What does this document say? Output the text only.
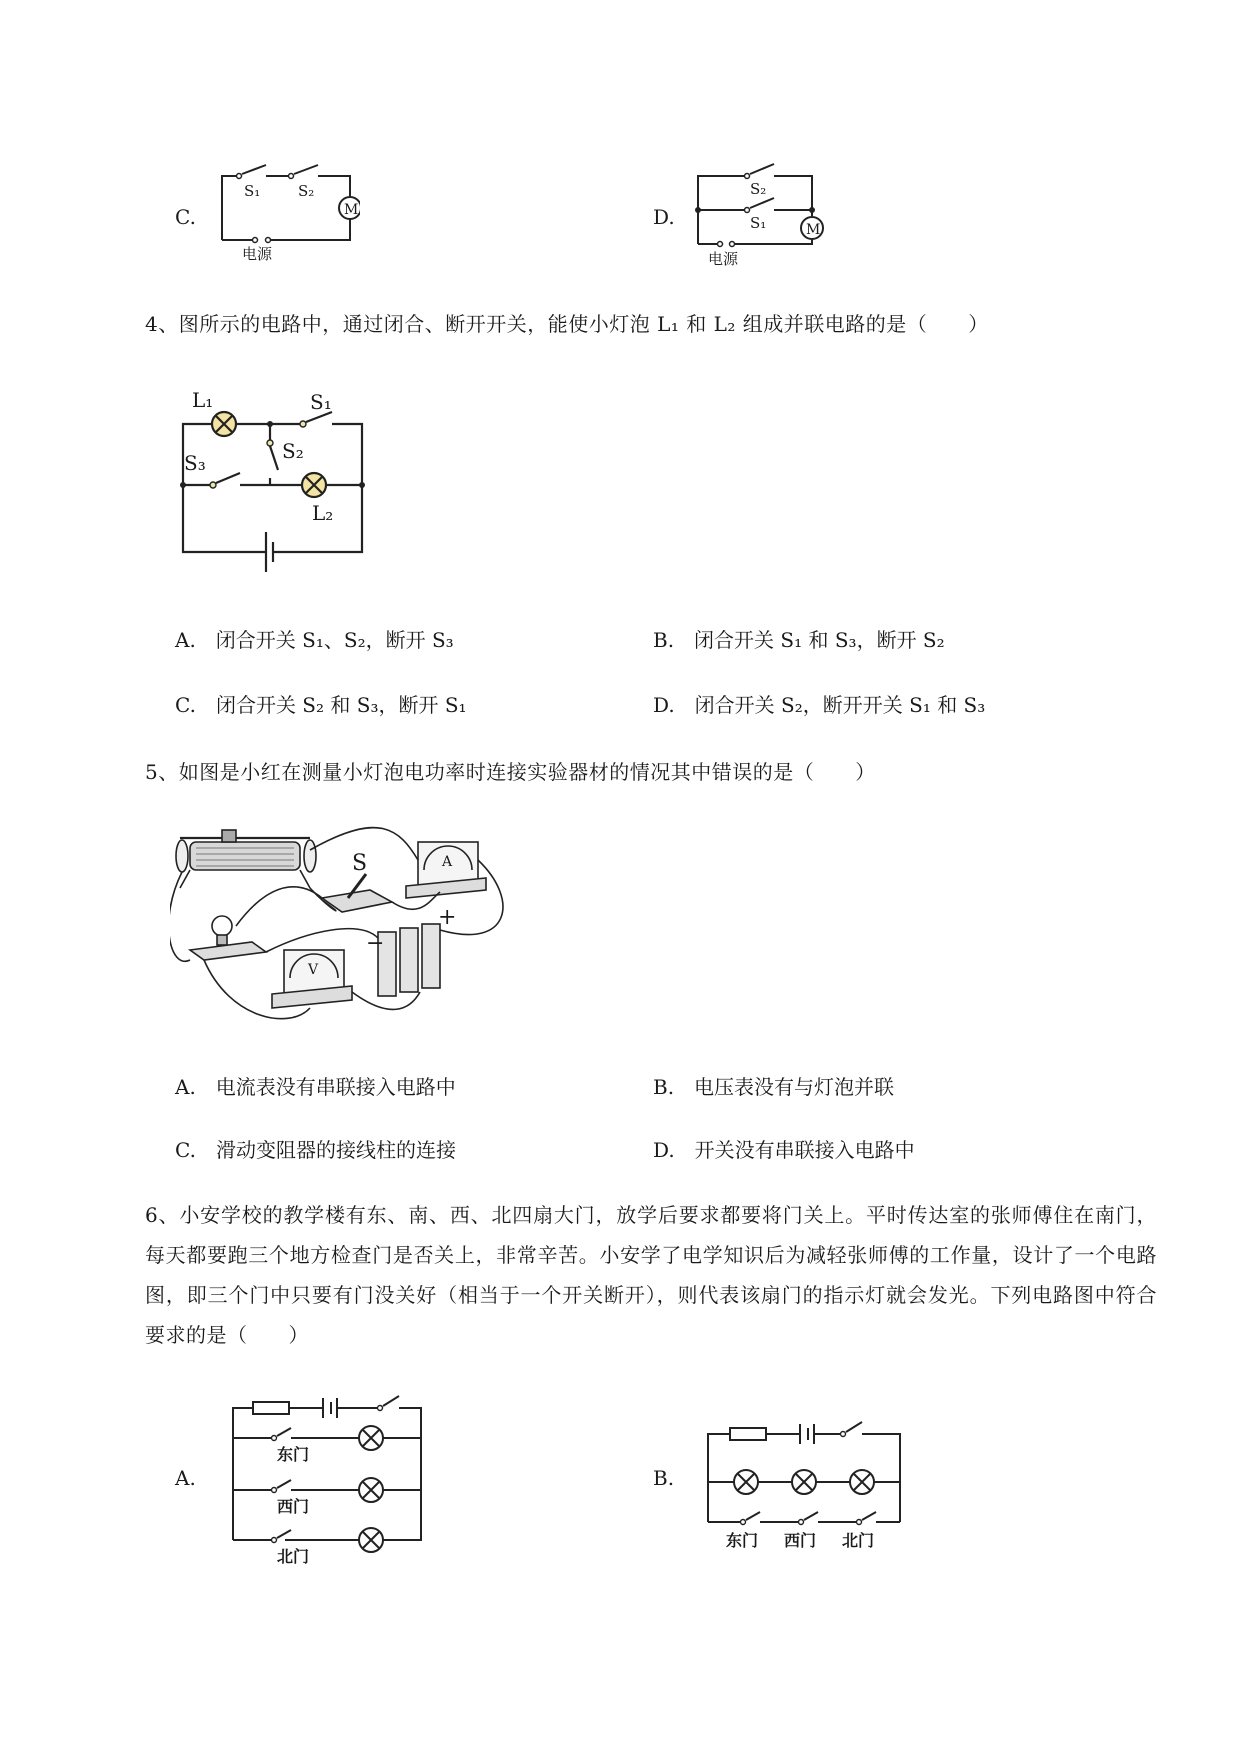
C.
S₁	S₂
M
电源
D.
S₂
S₁	M
电源
4、图所示的电路中，通过闭合、断开开关，能使小灯泡 L₁ 和 L₂ 组成并联电路的是（　　）
L₁	S₁
S₂
S₃
L₂
A.　闭合开关 S₁、S₂，断开 S₃	B.　闭合开关 S₁ 和 S₃，断开 S₂
C.　闭合开关 S₂ 和 S₃，断开 S₁	D.　闭合开关 S₂，断开开关 S₁ 和 S₃
5、如图是小红在测量小灯泡电功率时连接实验器材的情况其中错误的是（　　）
S	A
V
−
+
A.　电流表没有串联接入电路中	B.　电压表没有与灯泡并联
C.　滑动变阻器的接线柱的连接	D.　开关没有串联接入电路中
6、小安学校的教学楼有东、南、西、北四扇大门，放学后要求都要将门关上。平时传达室的张师傅住在南门，每天都要跑三个地方检查门是否关上，非常辛苦。小安学了电学知识后为减轻张师傅的工作量，设计了一个电路图，即三个门中只要有门没关好（相当于一个开关断开），则代表该扇门的指示灯就会发光。下列电路图中符合要求的是（　　）
A.
东门
西门
北门
B.
东门 西门 北门
